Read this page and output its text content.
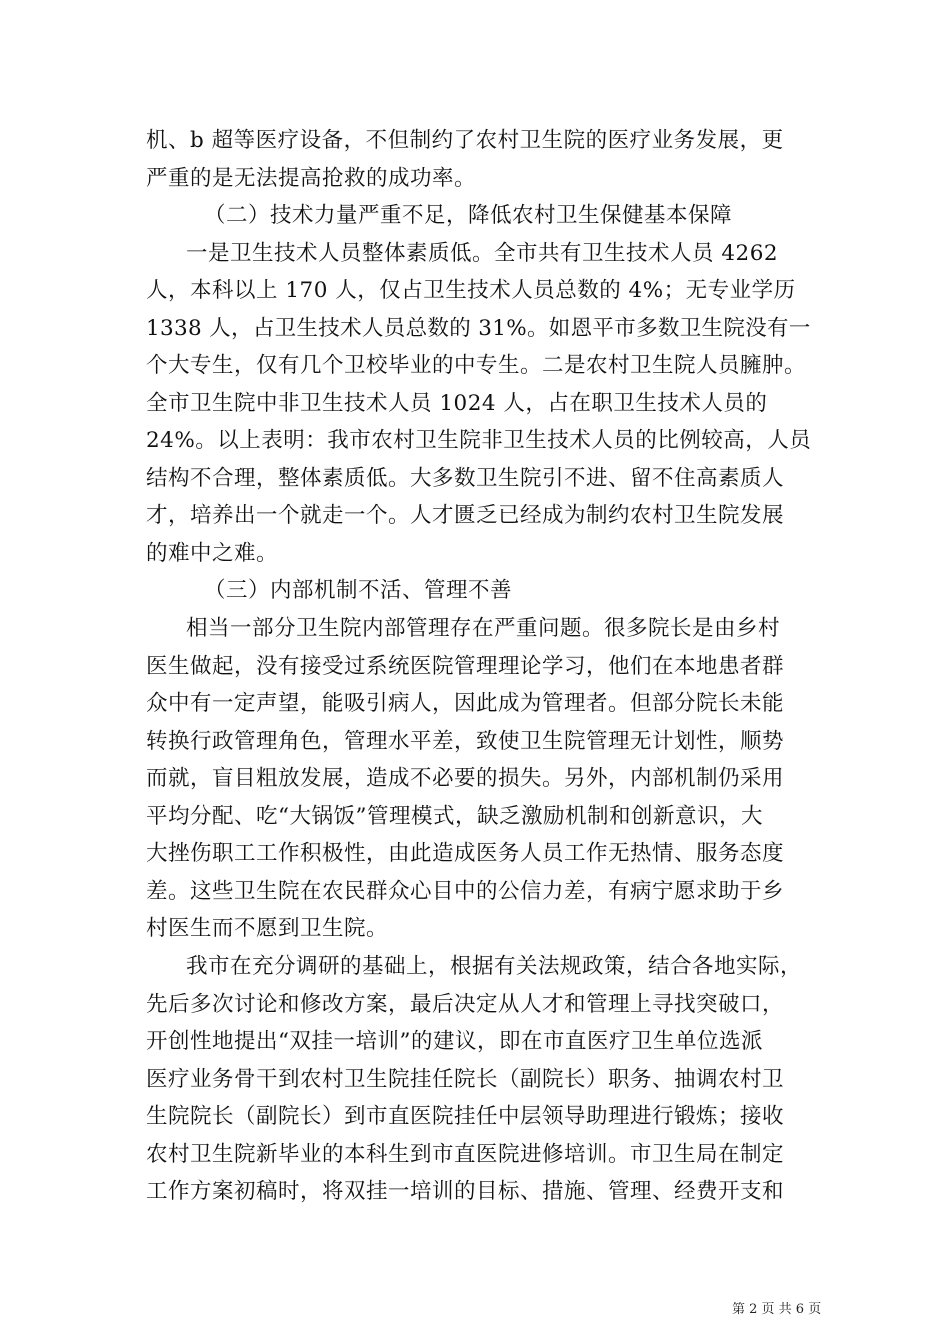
机、b 超等医疗设备，不但制约了农村卫生院的医疗业务发展，更
严重的是无法提高抢救的成功率。
（二）技术力量严重不足，降低农村卫生保健基本保障
一是卫生技术人员整体素质低。全市共有卫生技术人员 4262
人，本科以上 170 人，仅占卫生技术人员总数的 4%；无专业学历
1338 人，占卫生技术人员总数的 31%。如恩平市多数卫生院没有一
个大专生，仅有几个卫校毕业的中专生。二是农村卫生院人员臃肿。
全市卫生院中非卫生技术人员 1024 人，占在职卫生技术人员的
24%。以上表明：我市农村卫生院非卫生技术人员的比例较高，人员
结构不合理，整体素质低。大多数卫生院引不进、留不住高素质人
才，培养出一个就走一个。人才匮乏已经成为制约农村卫生院发展
的难中之难。
（三）内部机制不活、管理不善
相当一部分卫生院内部管理存在严重问题。很多院长是由乡村
医生做起，没有接受过系统医院管理理论学习，他们在本地患者群
众中有一定声望，能吸引病人，因此成为管理者。但部分院长未能
转换行政管理角色，管理水平差，致使卫生院管理无计划性，顺势
而就，盲目粗放发展，造成不必要的损失。另外，内部机制仍采用
平均分配、吃“大锅饭”管理模式，缺乏激励机制和创新意识，大
大挫伤职工工作积极性，由此造成医务人员工作无热情、服务态度
差。这些卫生院在农民群众心目中的公信力差，有病宁愿求助于乡
村医生而不愿到卫生院。
我市在充分调研的基础上，根据有关法规政策，结合各地实际，
先后多次讨论和修改方案，最后决定从人才和管理上寻找突破口，
开创性地提出“双挂一培训”的建议，即在市直医疗卫生单位选派
医疗业务骨干到农村卫生院挂任院长（副院长）职务、抽调农村卫
生院院长（副院长）到市直医院挂任中层领导助理进行锻炼；接收
农村卫生院新毕业的本科生到市直医院进修培训。市卫生局在制定
工作方案初稿时，将双挂一培训的目标、措施、管理、经费开支和
第 2 页 共 6 页
